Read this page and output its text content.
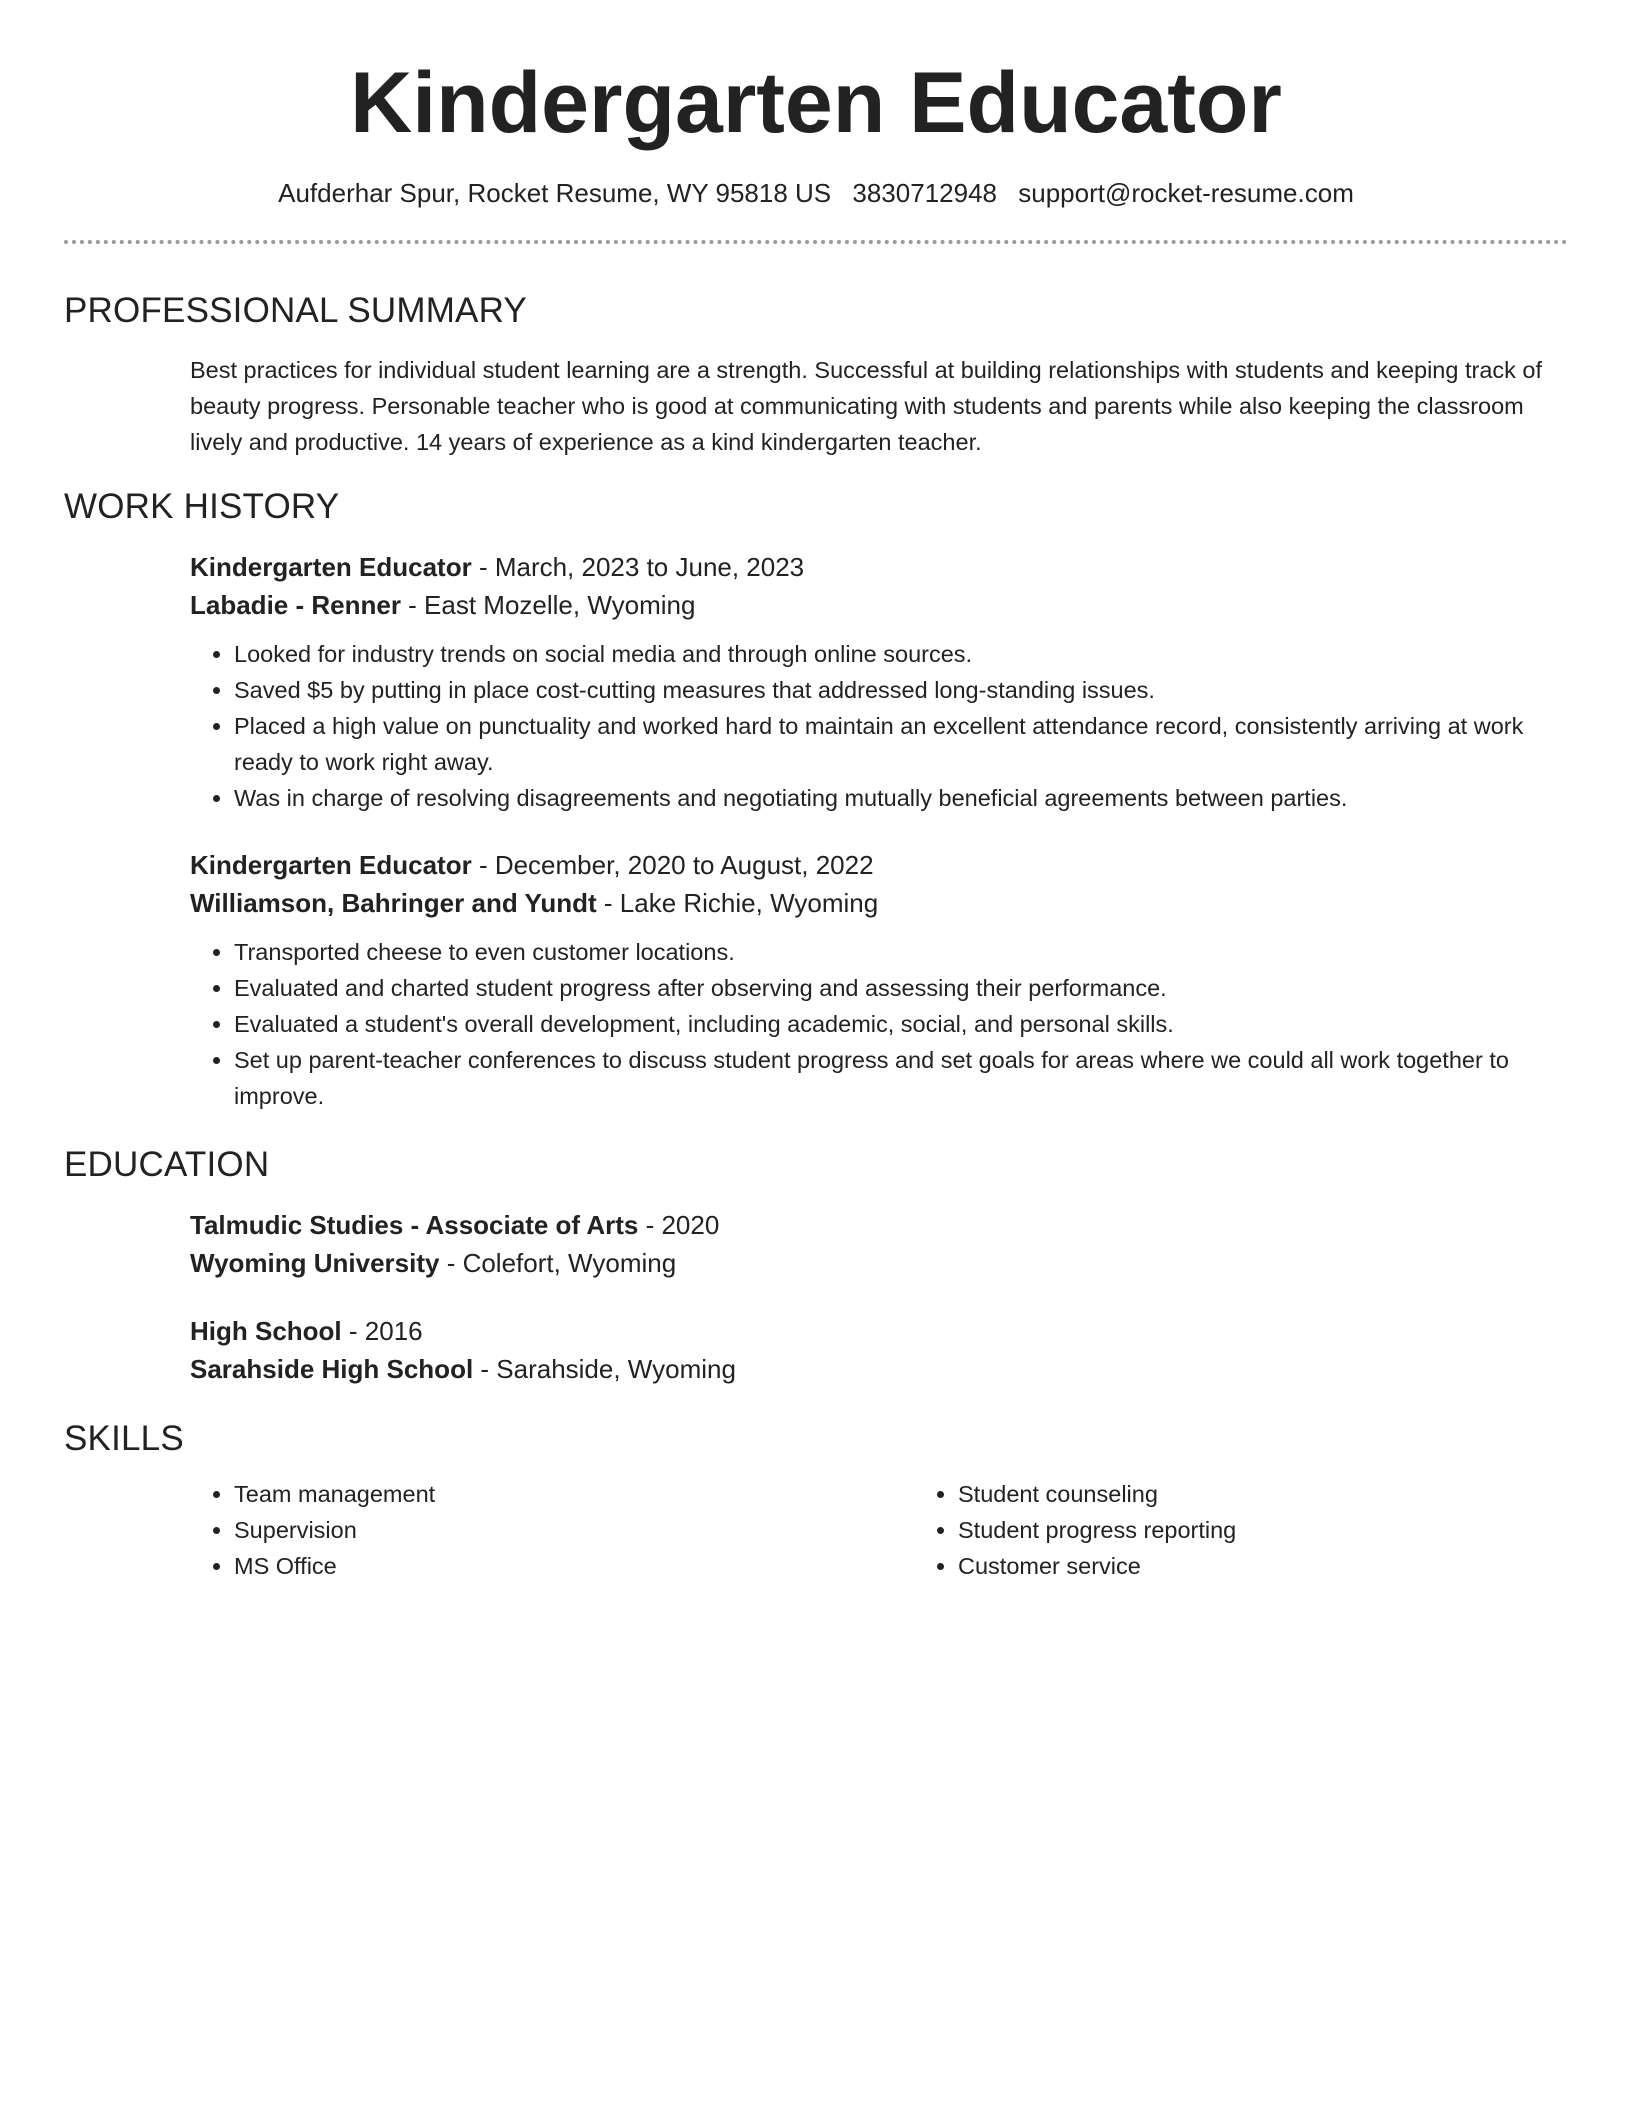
Kindergarten Educator
Aufderhar Spur, Rocket Resume, WY 95818 US 3830712948 support@rocket-resume.com
PROFESSIONAL SUMMARY

Best practices for individual student learning are a strength. Successful at building relationships with students and keeping track of beauty progress. Personable teacher who is good at communicating with students and parents while also keeping the classroom lively and productive. 14 years of experience as a kind kindergarten teacher.

WORK HISTORY
Kindergarten Educator - March, 2023 to June, 2023
Labadie - Renner - East Mozelle, Wyoming
• Looked for industry trends on social media and through online sources.
• Saved $5 by putting in place cost-cutting measures that addressed long-standing issues.
• Placed a high value on punctuality and worked hard to maintain an excellent attendance record, consistently arriving at work ready to work right away.
• Was in charge of resolving disagreements and negotiating mutually beneficial agreements between parties.
Kindergarten Educator - December, 2020 to August, 2022
Williamson, Bahringer and Yundt - Lake Richie, Wyoming
• Transported cheese to even customer locations.
• Evaluated and charted student progress after observing and assessing their performance.
• Evaluated a student's overall development, including academic, social, and personal skills.
• Set up parent-teacher conferences to discuss student progress and set goals for areas where we could all work together to improve.
EDUCATION
Talmudic Studies - Associate of Arts - 2020
Wyoming University - Colefort, Wyoming
High School - 2016
Sarahside High School - Sarahside, Wyoming
SKILLS
• Team management
• Supervision
• MS Office
• Student counseling
• Student progress reporting
• Customer service
